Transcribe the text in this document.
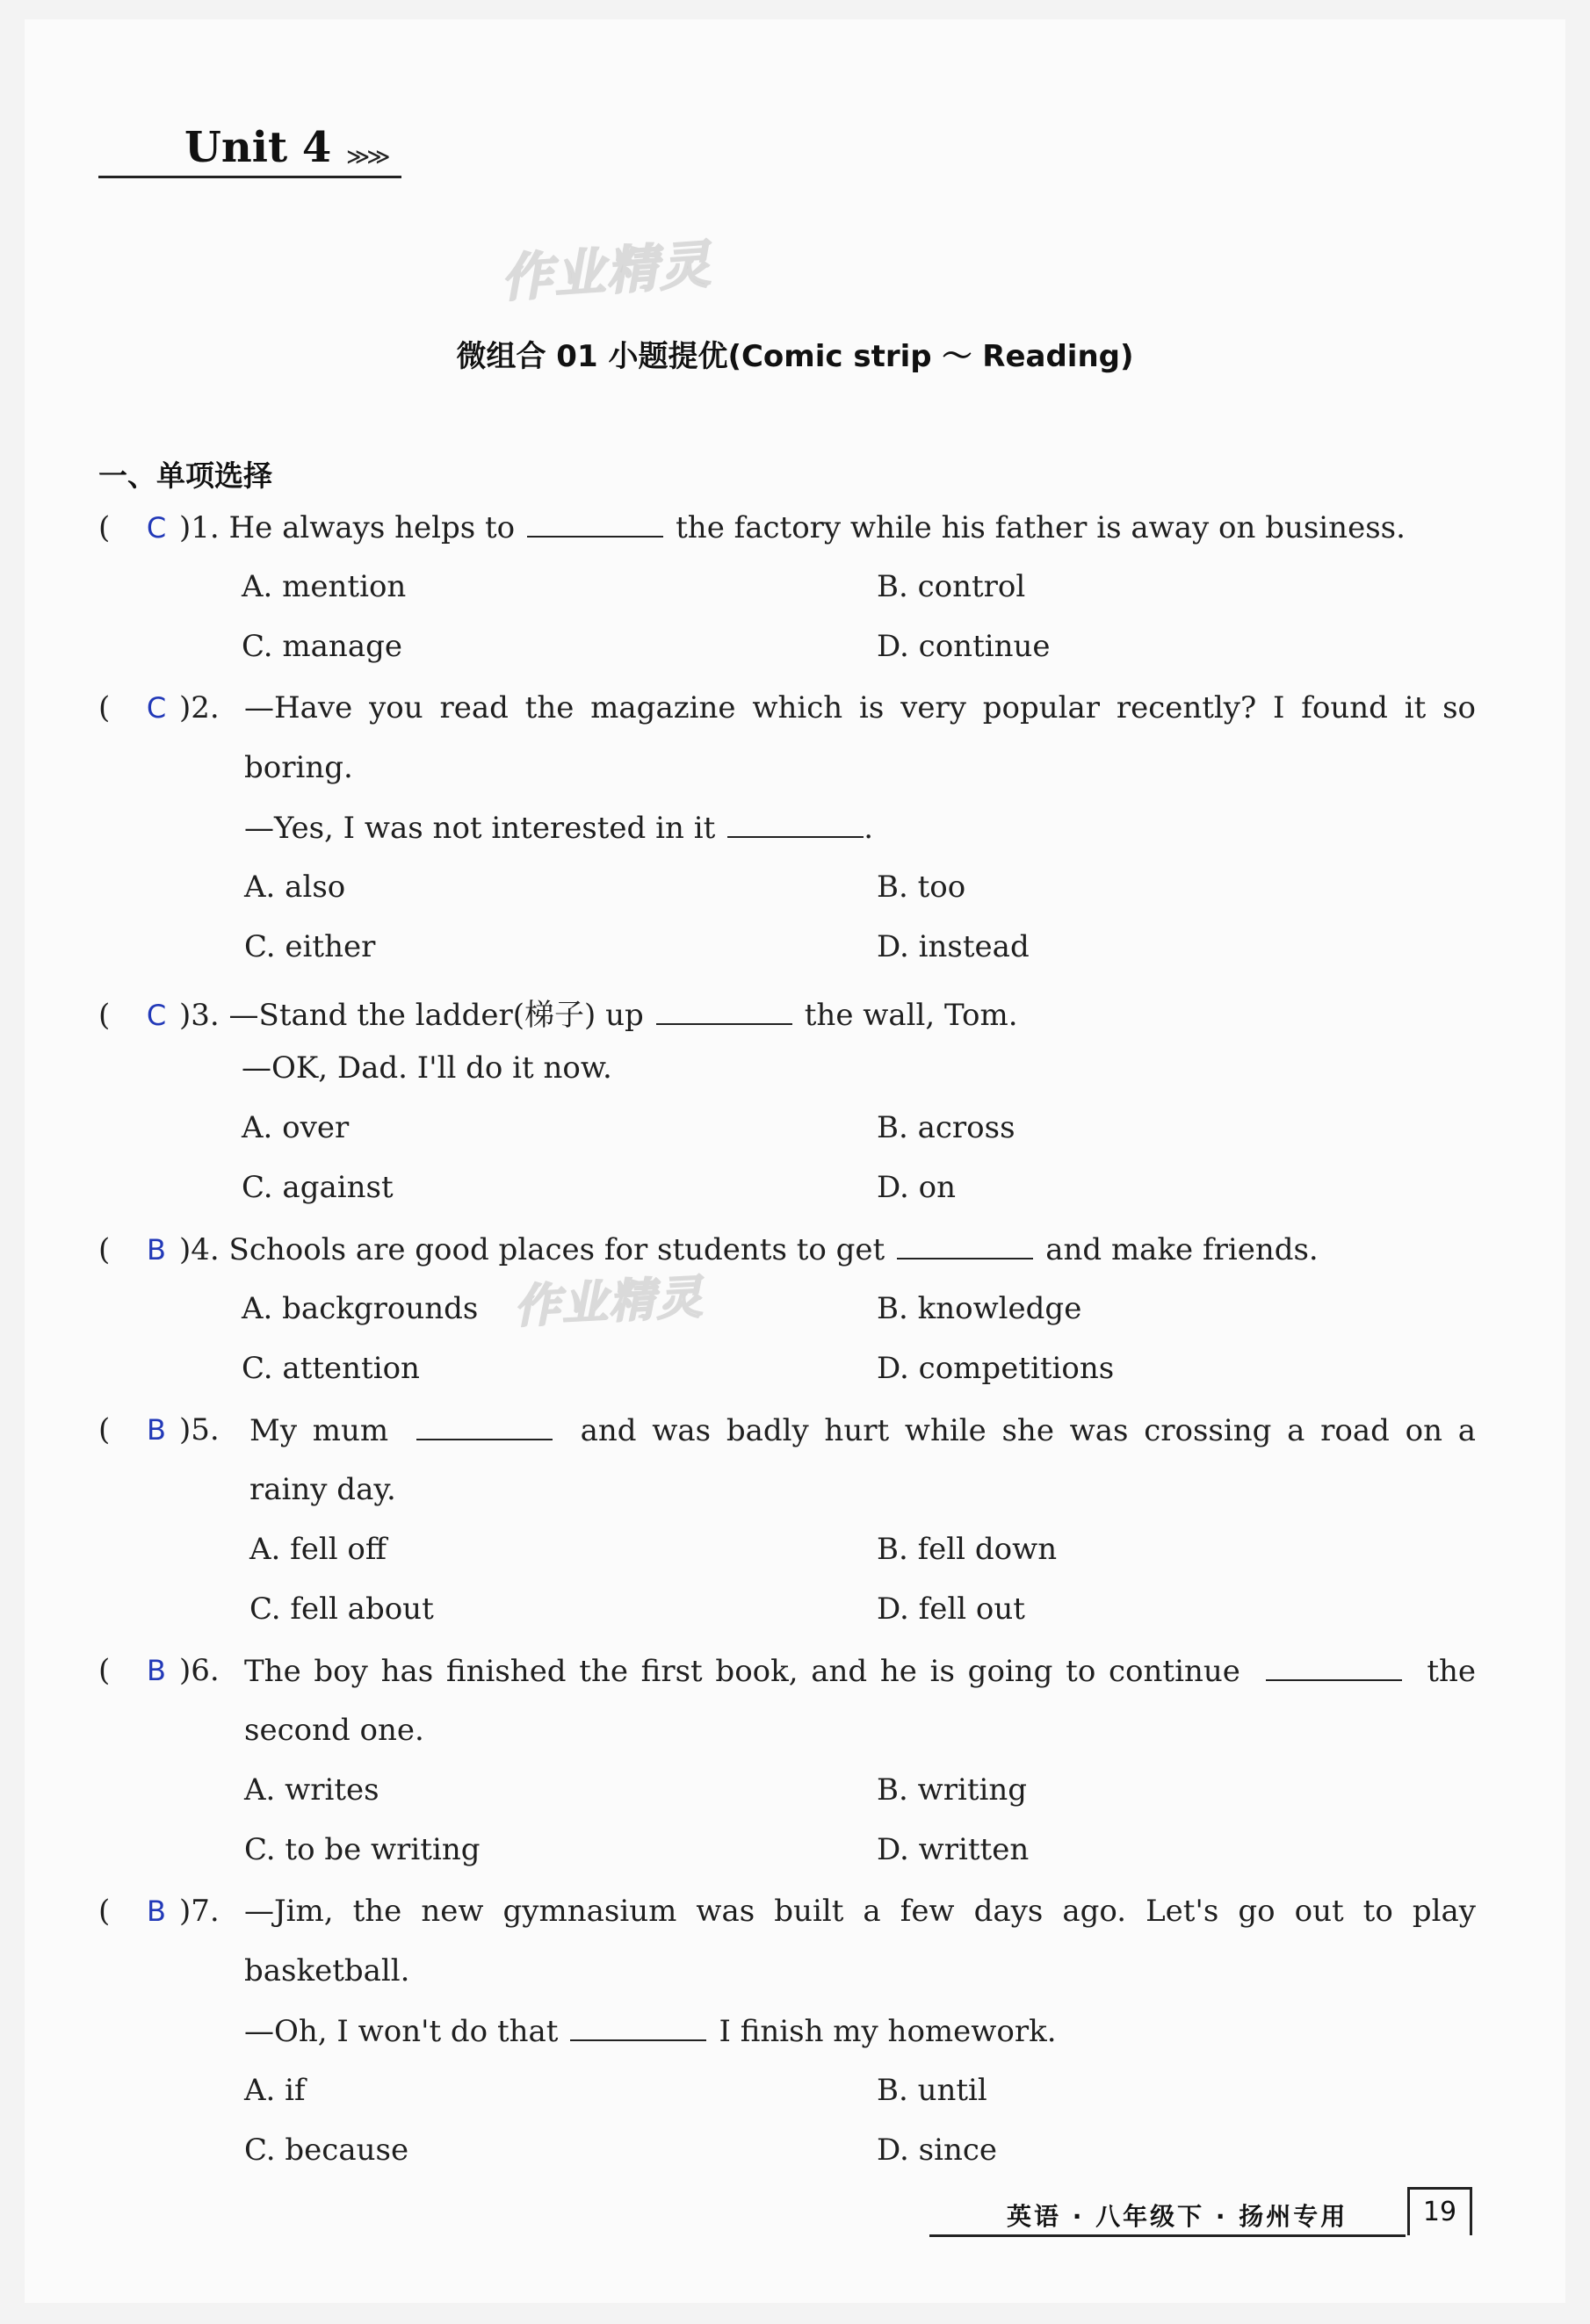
Unit 4 ≫≫
作业精灵
作业精灵
微组合 01 小题提优(Comic strip ～ Reading)
一、单项选择
( C )1. He always helps to	the factory while his father is away on business.
A. mention	B. control
C. manage	D. continue
( C )2. —Have you read the magazine which is very popular recently? I found it so
boring.
—Yes, I was not interested in it	.
A. also	B. too
C. either	D. instead
( C )3. —Stand the ladder(梯子) up	the wall, Tom.
—OK, Dad. I'll do it now.
A. over	B. across
C. against	D. on
( B )4. Schools are good places for students to get	and make friends.
A. backgrounds	B. knowledge
C. attention	D. competitions
( B )5. My mum	and was badly hurt while she was crossing a road on a
rainy day.
A. fell off	B. fell down
C. fell about	D. fell out
( B )6. The boy has finished the first book, and he is going to continue	the
second one.
A. writes	B. writing
C. to be writing	D. written
( B )7. —Jim, the new gymnasium was built a few days ago. Let's go out to play
basketball.
—Oh, I won't do that	I finish my homework.
A. if	B. until
C. because	D. since
英语 · 八年级下 · 扬州专用	19
